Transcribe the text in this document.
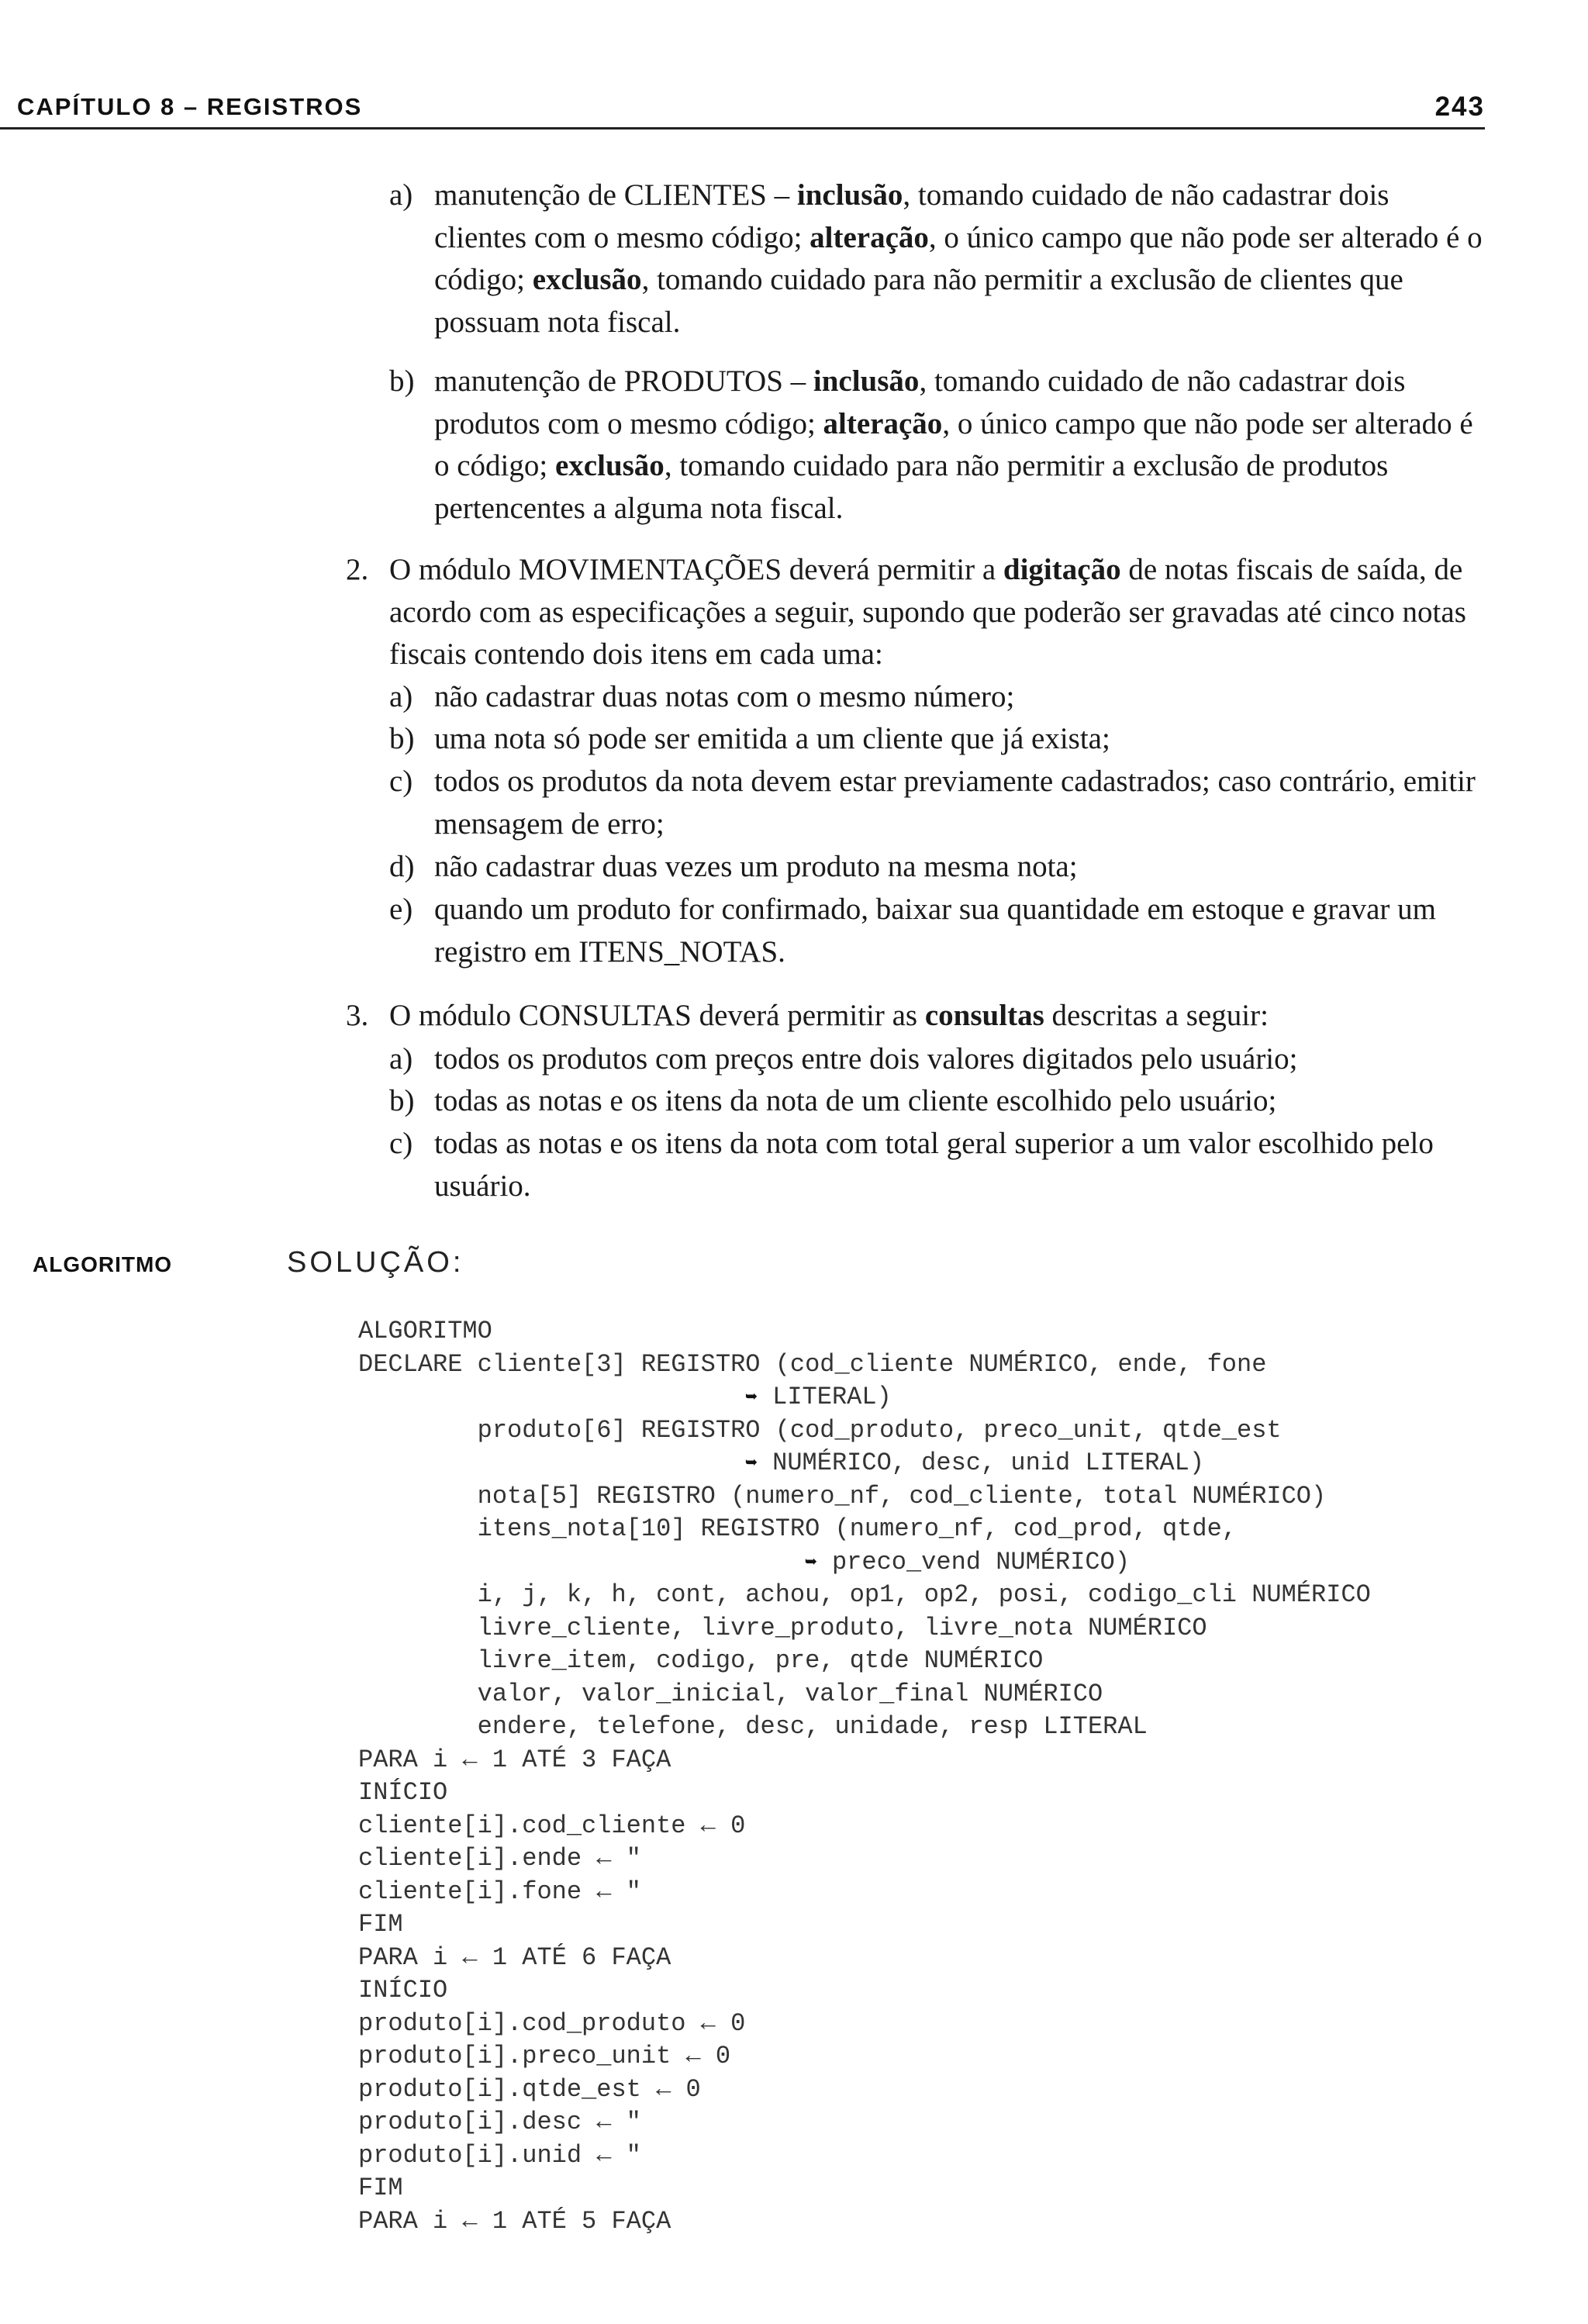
CAPÍTULO 8 – REGISTROS	243
a) manutenção de CLIENTES – inclusão, tomando cuidado de não cadastrar dois clientes com o mesmo código; alteração, o único campo que não pode ser alterado é o código; exclusão, tomando cuidado para não permitir a exclusão de clientes que possuam nota fiscal.
b) manutenção de PRODUTOS – inclusão, tomando cuidado de não cadastrar dois produtos com o mesmo código; alteração, o único campo que não pode ser alterado é o código; exclusão, tomando cuidado para não permitir a exclusão de produtos pertencentes a alguma nota fiscal.
2. O módulo MOVIMENTAÇÕES deverá permitir a digitação de notas fiscais de saída, de acordo com as especificações a seguir, supondo que poderão ser gravadas até cinco notas fiscais contendo dois itens em cada uma:
a) não cadastrar duas notas com o mesmo número;
b) uma nota só pode ser emitida a um cliente que já exista;
c) todos os produtos da nota devem estar previamente cadastrados; caso contrário, emitir mensagem de erro;
d) não cadastrar duas vezes um produto na mesma nota;
e) quando um produto for confirmado, baixar sua quantidade em estoque e gravar um registro em ITENS_NOTAS.
3. O módulo CONSULTAS deverá permitir as consultas descritas a seguir:
a) todos os produtos com preços entre dois valores digitados pelo usuário;
b) todas as notas e os itens da nota de um cliente escolhido pelo usuário;
c) todas as notas e os itens da nota com total geral superior a um valor escolhido pelo usuário.
ALGORITMO	SOLUÇÃO:
ALGORITMO
DECLARE cliente[3] REGISTRO (cod_cliente NUMÉRICO, ende, fone
➥ LITERAL)
produto[6] REGISTRO (cod_produto, preco_unit, qtde_est
➥ NUMÉRICO, desc, unid LITERAL)
nota[5] REGISTRO (numero_nf, cod_cliente, total NUMÉRICO)
itens_nota[10] REGISTRO (numero_nf, cod_prod, qtde,
➥ preco_vend NUMÉRICO)
i, j, k, h, cont, achou, op1, op2, posi, codigo_cli NUMÉRICO
livre_cliente, livre_produto, livre_nota NUMÉRICO
livre_item, codigo, pre, qtde NUMÉRICO
valor, valor_inicial, valor_final NUMÉRICO
endere, telefone, desc, unidade, resp LITERAL
PARA i ← 1 ATÉ 3 FAÇA
INÍCIO
cliente[i].cod_cliente ← 0
cliente[i].ende ← "
cliente[i].fone ← "
FIM
PARA i ← 1 ATÉ 6 FAÇA
INÍCIO
produto[i].cod_produto ← 0
produto[i].preco_unit ← 0
produto[i].qtde_est ← 0
produto[i].desc ← "
produto[i].unid ← "
FIM
PARA i ← 1 ATÉ 5 FAÇA
